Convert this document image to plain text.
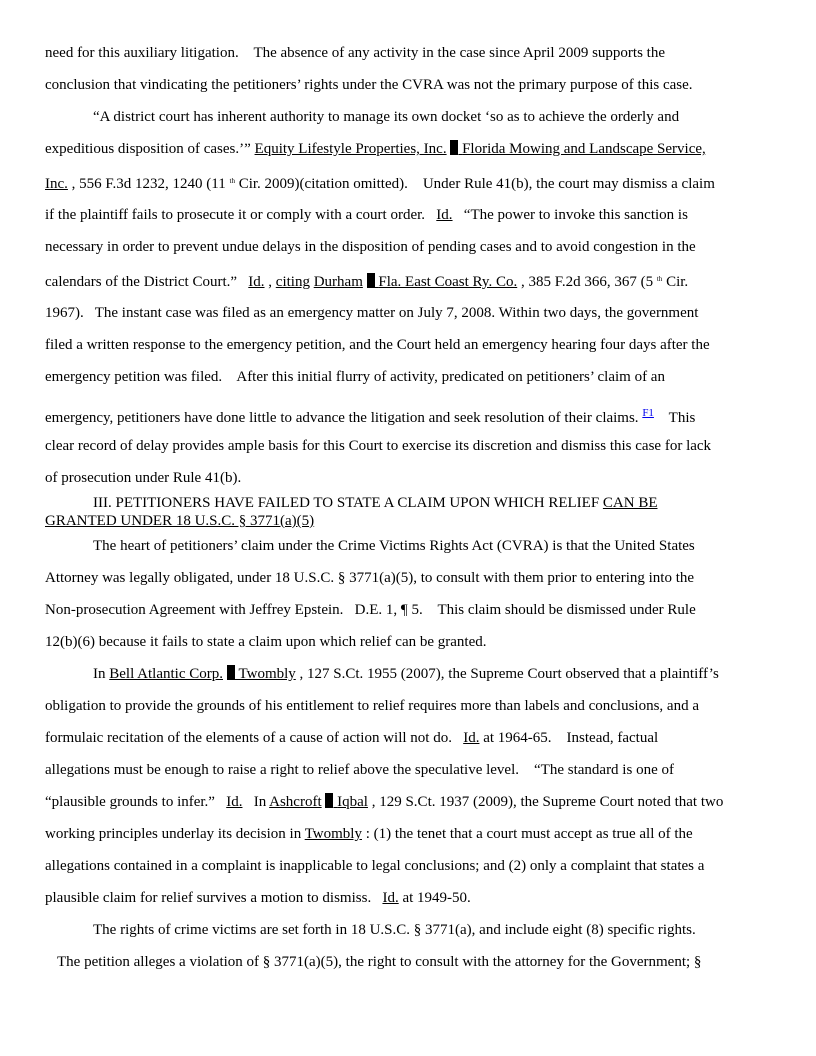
need for this auxiliary litigation. The absence of any activity in the case since April 2009 supports the
conclusion that vindicating the petitioners’ rights under the CVRA was not the primary purpose of this case.
“A district court has inherent authority to manage its own docket ‘so as to achieve the orderly and
expeditious disposition of cases.’” Equity Lifestyle Properties, Inc. Florida Mowing and Landscape Service,
Inc. , 556 F.3d 1232, 1240 (11 $^{th}$ Cir. 2009)(citation omitted). Under Rule 41(b), the court may dismiss a claim
if the plaintiff fails to prosecute it or comply with a court order. Id. “The power to invoke this sanction is
necessary in order to prevent undue delays in the disposition of pending cases and to avoid congestion in the
calendars of the District Court.” Id. , citing Durham Fla. East Coast Ry. Co. , 385 F.2d 366, 367 (5 $^{th}$ Cir.
1967). The instant case was filed as an emergency matter on July 7, 2008. Within two days, the government
filed a written response to the emergency petition, and the Court held an emergency hearing four days after the
emergency petition was filed. After this initial flurry of activity, predicated on petitioners’ claim of an
emergency, petitioners have done little to advance the litigation and seek resolution of their claims. $^{F1}$ This
clear record of delay provides ample basis for this Court to exercise its discretion and dismiss this case for lack
of prosecution under Rule 41(b).
III. PETITIONERS HAVE FAILED TO STATE A CLAIM UPON WHICH RELIEF CAN BE
GRANTED UNDER 18 U.S.C. § 3771(a)(5)
The heart of petitioners’ claim under the Crime Victims Rights Act (CVRA) is that the United States
Attorney was legally obligated, under 18 U.S.C. § 3771(a)(5), to consult with them prior to entering into the
Non-prosecution Agreement with Jeffrey Epstein. D.E. 1, ¶ 5. This claim should be dismissed under Rule
12(b)(6) because it fails to state a claim upon which relief can be granted.
In Bell Atlantic Corp. Twombly , 127 S.Ct. 1955 (2007), the Supreme Court observed that a plaintiff’s
obligation to provide the grounds of his entitlement to relief requires more than labels and conclusions, and a
formulaic recitation of the elements of a cause of action will not do. Id. at 1964-65. Instead, factual
allegations must be enough to raise a right to relief above the speculative level. “The standard is one of
“plausible grounds to infer.” Id. In Ashcroft Iqbal , 129 S.Ct. 1937 (2009), the Supreme Court noted that two
working principles underlay its decision in Twombly : (1) the tenet that a court must accept as true all of the
allegations contained in a complaint is inapplicable to legal conclusions; and (2) only a complaint that states a
plausible claim for relief survives a motion to dismiss. Id. at 1949-50.
The rights of crime victims are set forth in 18 U.S.C. § 3771(a), and include eight (8) specific rights.
The petition alleges a violation of § 3771(a)(5), the right to consult with the attorney for the Government; §
